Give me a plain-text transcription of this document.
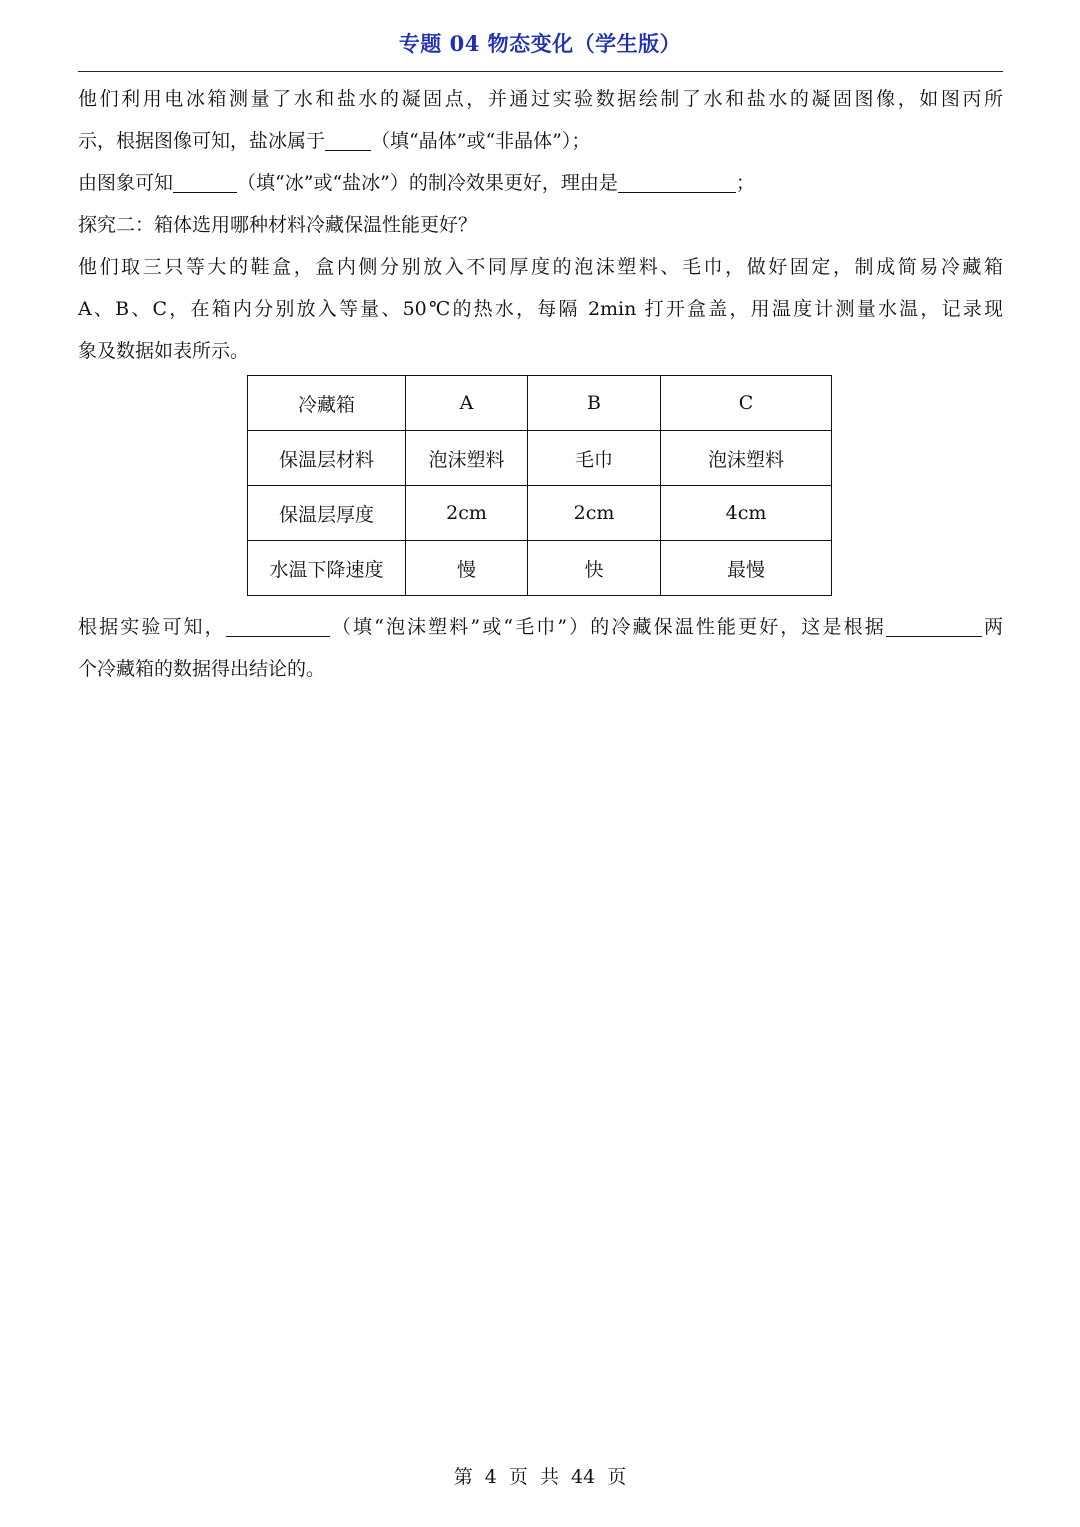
专题 04 物态变化（学生版）

他们利用电冰箱测量了水和盐水的凝固点，并通过实验数据绘制了水和盐水的凝固图像，如图丙所

示，根据图像可知，盐冰属于 （填“晶体”或“非晶体”）；

由图象可知	（填“冰”或“盐冰”）的制冷效果更好，理由是	；

探究二：箱体选用哪种材料冷藏保温性能更好？

他们取三只等大的鞋盒，盒内侧分别放入不同厚度的泡沫塑料、毛巾，做好固定，制成简易冷藏箱

A、B、C，在箱内分别放入等量、50℃的热水，每隔 2min 打开盒盖，用温度计测量水温，记录现

象及数据如表所示。

冷藏箱	A	B	C
保温层材料	泡沫塑料	毛巾	泡沫塑料
保温层厚度	2cm	2cm	4cm
水温下降速度	慢	快	最慢

根据实验可知，	（填“泡沫塑料”或“毛巾”）的冷藏保温性能更好，这是根据	两

个冷藏箱的数据得出结论的。

第 4 页 共 44 页
